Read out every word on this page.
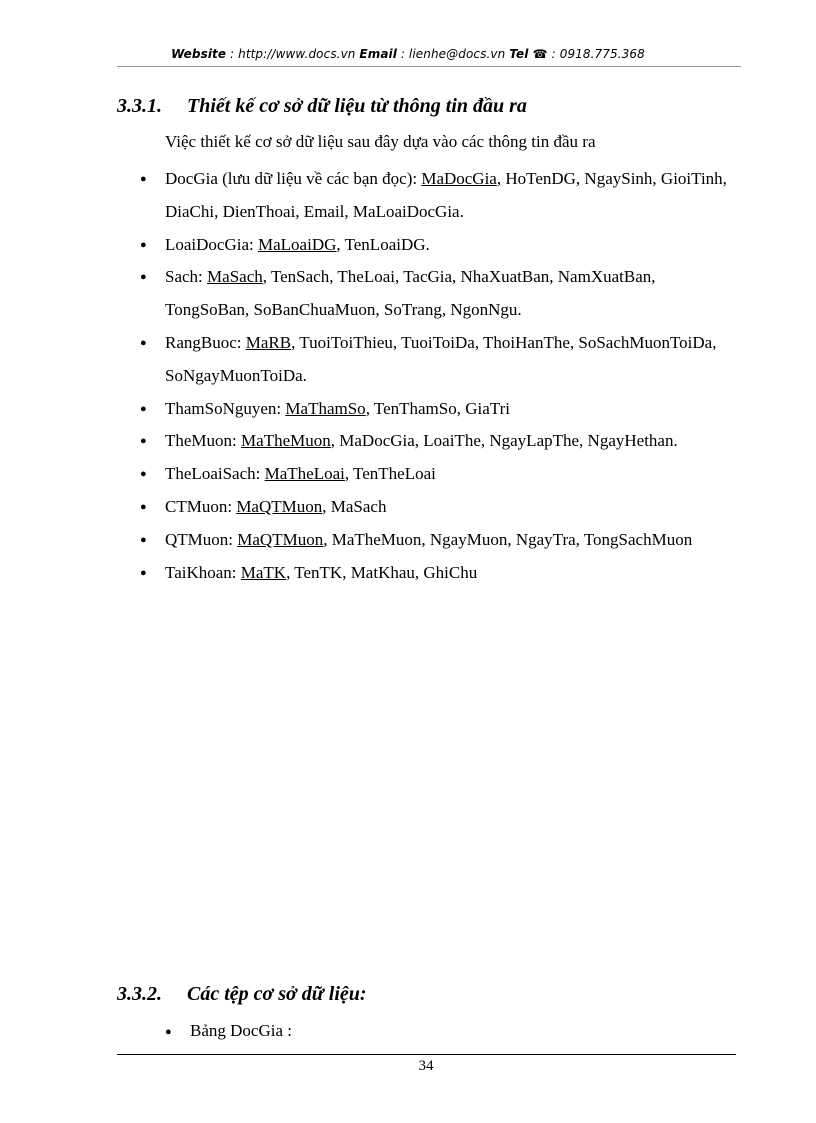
Website : http://www.docs.vn Email : lienhe@docs.vn Tel ☎ : 0918.775.368
3.3.1. Thiết kế cơ sở dữ liệu từ thông tin đầu ra
Việc thiết kế cơ sở dữ liệu sau đây dựa vào các thông tin đầu ra
● DocGia (lưu dữ liệu về các bạn đọc): MaDocGia, HoTenDG, NgaySinh, GioiTinh, DiaChi, DienThoai, Email, MaLoaiDocGia.
● LoaiDocGia: MaLoaiDG, TenLoaiDG.
● Sach: MaSach, TenSach, TheLoai, TacGia, NhaXuatBan, NamXuatBan, TongSoBan, SoBanChuaMuon, SoTrang, NgonNgu.
● RangBuoc: MaRB, TuoiToiThieu, TuoiToiDa, ThoiHanThe, SoSachMuonToiDa, SoNgayMuonToiDa.
● ThamSoNguyen: MaThamSo, TenThamSo, GiaTri
● TheMuon: MaTheMuon, MaDocGia, LoaiThe, NgayLapThe, NgayHethan.
● TheLoaiSach: MaTheLoai, TenTheLoai
● CTMuon: MaQTMuon, MaSach
● QTMuon: MaQTMuon, MaTheMuon, NgayMuon, NgayTra, TongSachMuon
● TaiKhoan: MaTK, TenTK, MatKhau, GhiChu
3.3.2. Các tệp cơ sở dữ liệu:
● Bảng DocGia :
34
